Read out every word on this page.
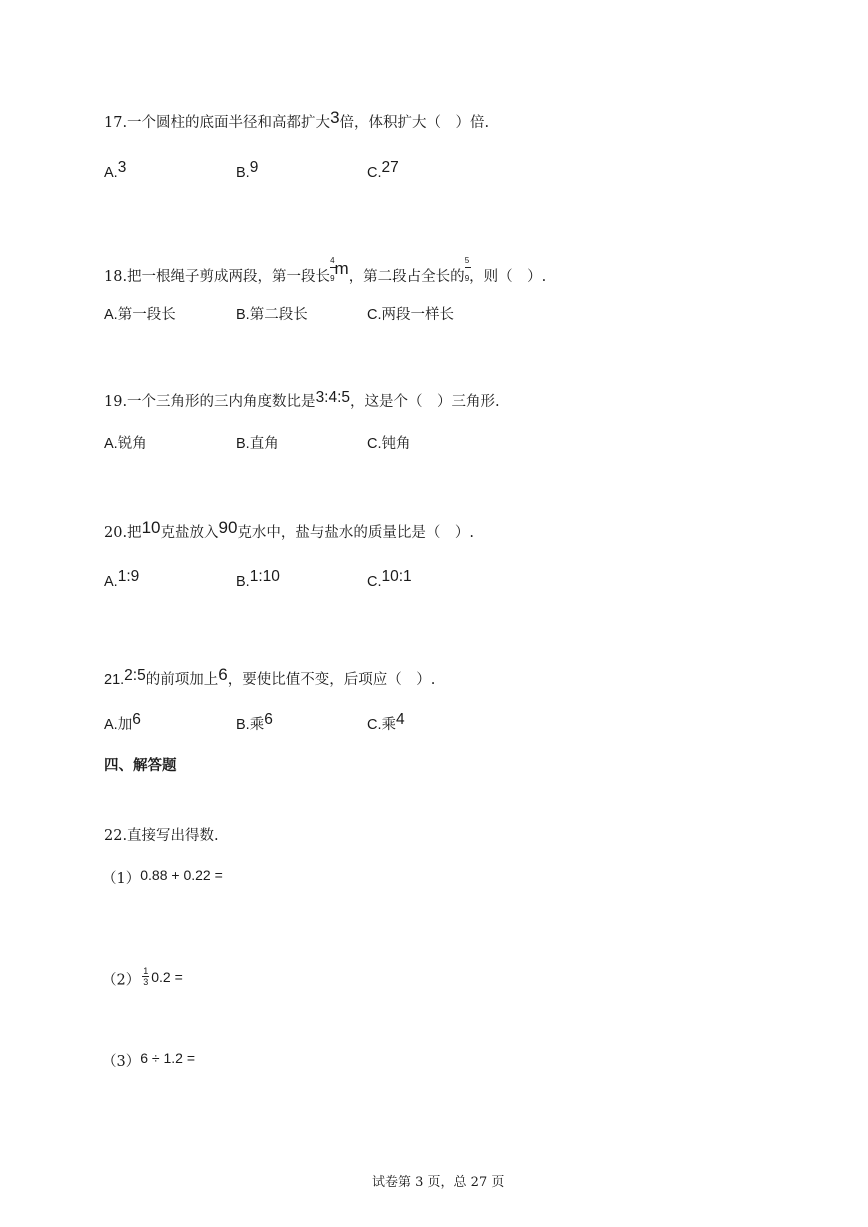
17.一个圆柱的底面半径和高都扩大3倍，体积扩大（　）倍.
A.3	B.9	C.27
18.把一根绳子剪成两段，第一段长 $\frac{4}{9}m$，第二段占全长的 $\frac{5}{9}$，则（　）.
A.第一段长	B.第二段长	C.两段一样长
19.一个三角形的三内角度数比是3:4:5，这是个（　）三角形.
A.锐角	B.直角	C.钝角
20.把10克盐放入90克水中，盐与盐水的质量比是（　）.
A.1:9	B.1:10	C.10:1
21.2:5的前项加上6，要使比值不变，后项应（　）.
A.加6	B.乘6	C.乘4
四、解答题
22.直接写出得数.
（1）0.88 + 0.22 =
$(2) \frac{1}{3} 0.2$ =
（3）6 ÷ 1.2 =
试卷第 3 页，总 27 页
